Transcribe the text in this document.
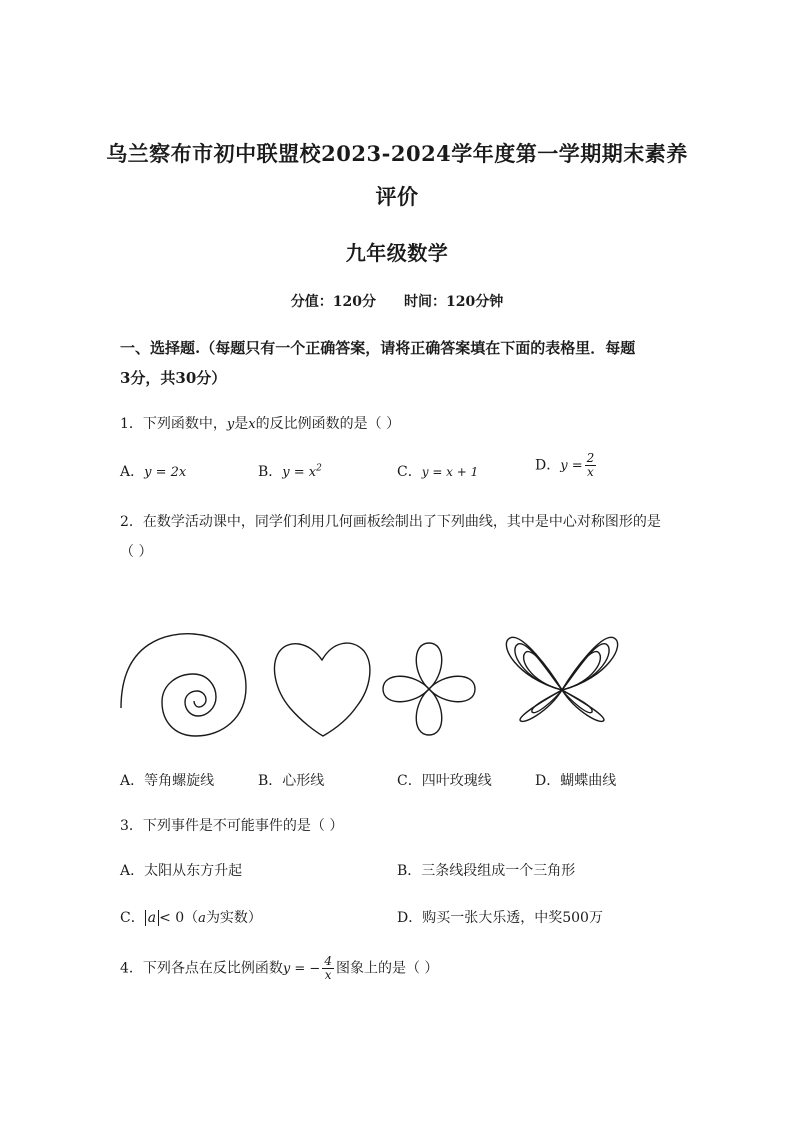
乌兰察布市初中联盟校2023-2024学年度第一学期期末素养
评价
九年级数学
分值：120分 时间：120分钟
一、选择题.（每题只有一个正确答案，请将正确答案填在下面的表格里．每题
3分，共30分）
1．下列函数中，y是x的反比例函数的是（ ）
A．y = 2x	B．$y = x^2$	C．y = x + 1	D．$y = \frac{2}{x}$
2．在数学活动课中，同学们利用几何画板绘制出了下列曲线，其中是中心对称图形的是
（ ）
A．等角螺旋线	B．心形线	C．四叶玫瑰线	D．蝴蝶曲线
3．下列事件是不可能事件的是（ ）
A．太阳从东方升起	B．三条线段组成一个三角形
C． a < 0（a为实数）	D．购买一张大乐透，中奖500万
4．下列各点在反比例函数y = − $\frac{4}{x}$ 图象上的是（ ）
